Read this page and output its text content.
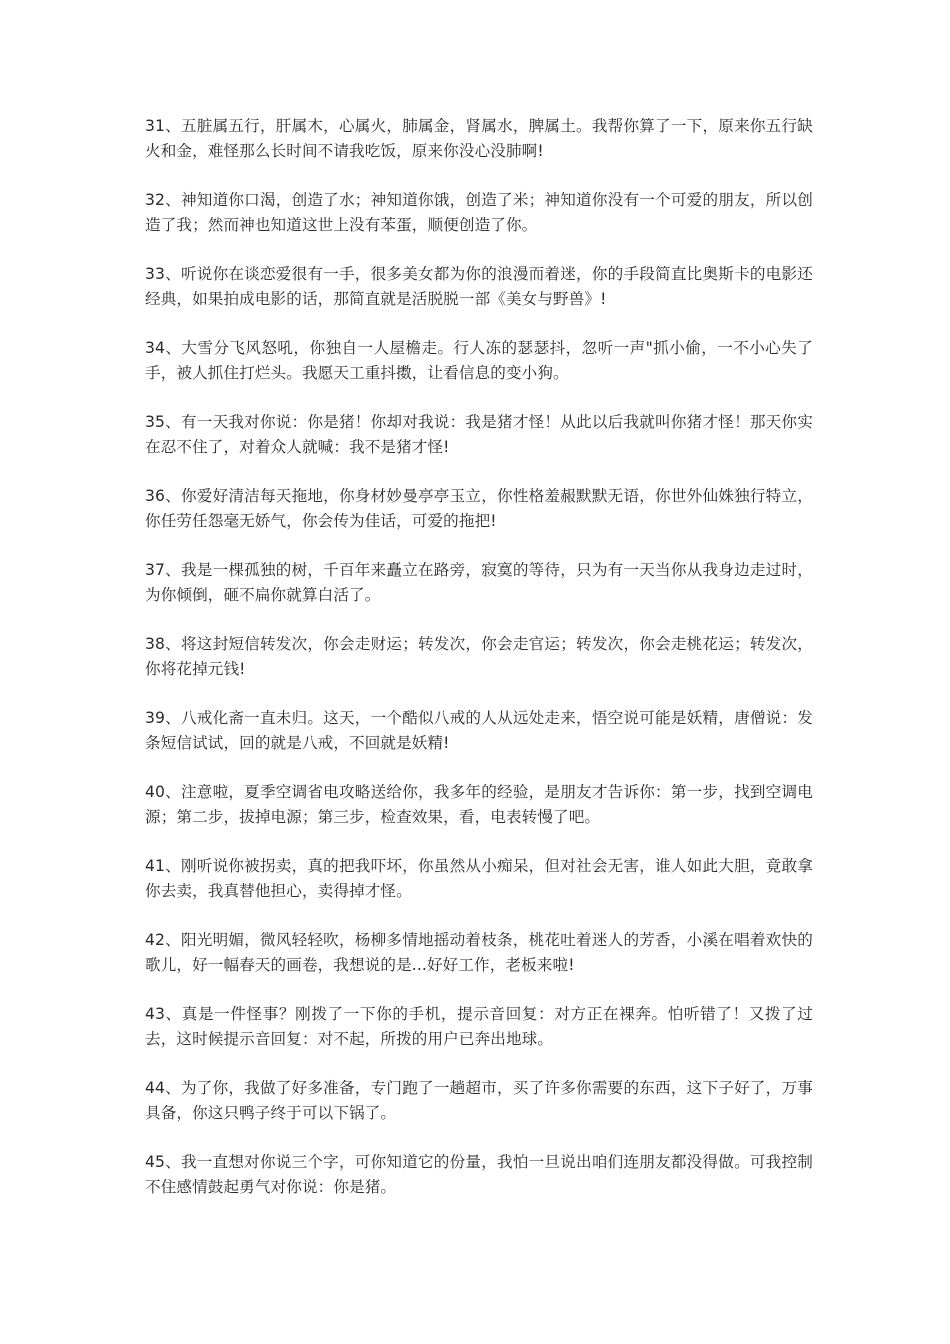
31、五脏属五行，肝属木，心属火，肺属金，肾属水，脾属土。我帮你算了一下，原来你五行缺火和金，难怪那么长时间不请我吃饭，原来你没心没肺啊!

32、神知道你口渴，创造了水；神知道你饿，创造了米；神知道你没有一个可爱的朋友，所以创造了我；然而神也知道这世上没有苯蛋，顺便创造了你。

33、听说你在谈恋爱很有一手，很多美女都为你的浪漫而着迷，你的手段简直比奥斯卡的电影还经典，如果拍成电影的话，那简直就是活脱脱一部《美女与野兽》!

34、大雪分飞风怒吼，你独自一人屋檐走。行人冻的瑟瑟抖，忽听一声"抓小偷，一不小心失了手，被人抓住打烂头。我愿天工重抖擞，让看信息的变小狗。

35、有一天我对你说：你是猪！你却对我说：我是猪才怪！从此以后我就叫你猪才怪！那天你实在忍不住了，对着众人就喊：我不是猪才怪!

36、你爱好清洁每天拖地，你身材妙曼亭亭玉立，你性格羞赧默默无语，你世外仙姝独行特立，你任劳任怨毫无娇气，你会传为佳话，可爱的拖把!

37、我是一棵孤独的树，千百年来矗立在路旁，寂寞的等待，只为有一天当你从我身边走过时，为你倾倒，砸不扁你就算白活了。

38、将这封短信转发次，你会走财运；转发次，你会走官运；转发次，你会走桃花运；转发次，你将花掉元钱!

39、八戒化斋一直未归。这天，一个酷似八戒的人从远处走来，悟空说可能是妖精，唐僧说：发条短信试试，回的就是八戒，不回就是妖精!

40、注意啦，夏季空调省电攻略送给你，我多年的经验，是朋友才告诉你：第一步，找到空调电源；第二步，拔掉电源；第三步，检查效果，看，电表转慢了吧。

41、刚听说你被拐卖，真的把我吓坏，你虽然从小痴呆，但对社会无害，谁人如此大胆，竟敢拿你去卖，我真替他担心，卖得掉才怪。

42、阳光明媚，微风轻轻吹，杨柳多情地摇动着枝条，桃花吐着迷人的芳香，小溪在唱着欢快的歌儿，好一幅春天的画卷，我想说的是...好好工作，老板来啦!

43、真是一件怪事？刚拨了一下你的手机，提示音回复：对方正在裸奔。怕听错了！又拨了过去，这时候提示音回复：对不起，所拨的用户已奔出地球。

44、为了你，我做了好多准备，专门跑了一趟超市，买了许多你需要的东西，这下子好了，万事具备，你这只鸭子终于可以下锅了。

45、我一直想对你说三个字，可你知道它的份量，我怕一旦说出咱们连朋友都没得做。可我控制不住感情鼓起勇气对你说：你是猪。
